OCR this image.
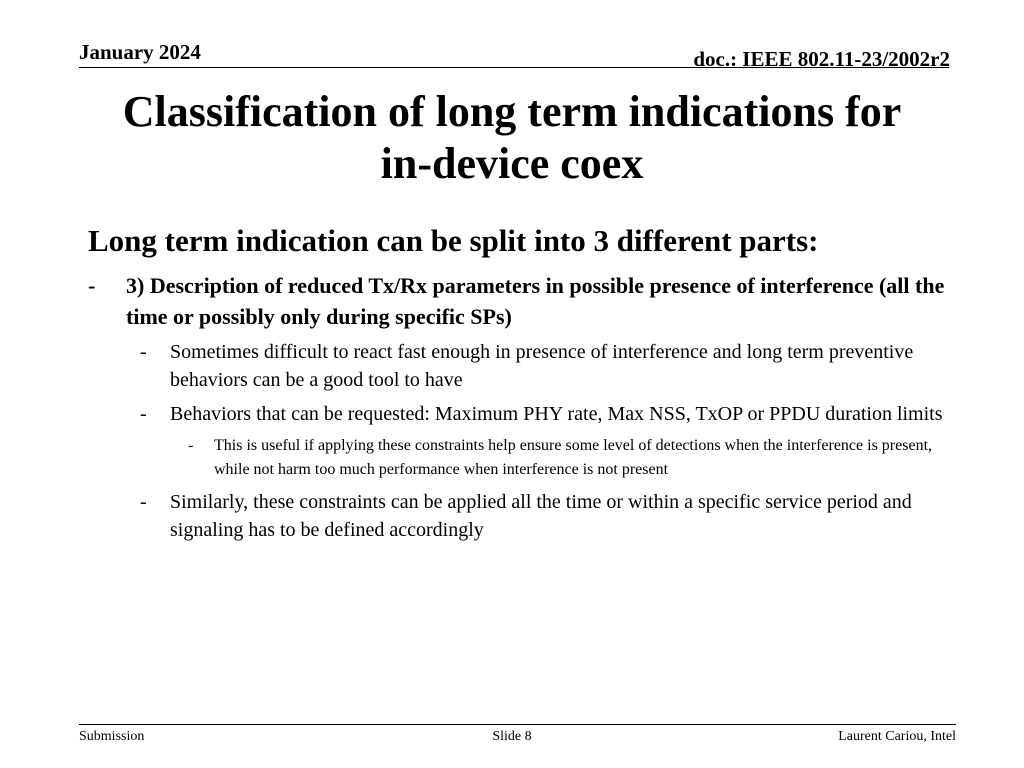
January 2024	doc.: IEEE 802.11-23/2002r2
Classification of long term indications for
in-device coex
Long term indication can be split into 3 different parts:
- 3) Description of reduced Tx/Rx parameters in possible presence of interference (all the time or possibly only during specific SPs)
- Sometimes difficult to react fast enough in presence of interference and long term preventive behaviors can be a good tool to have
- Behaviors that can be requested: Maximum PHY rate, Max NSS, TxOP or PPDU duration limits
- This is useful if applying these constraints help ensure some level of detections when the interference is present, while not harm too much performance when interference is not present
- Similarly, these constraints can be applied all the time or within a specific service period and signaling has to be defined accordingly
Submission	Slide 8	Laurent Cariou, Intel
